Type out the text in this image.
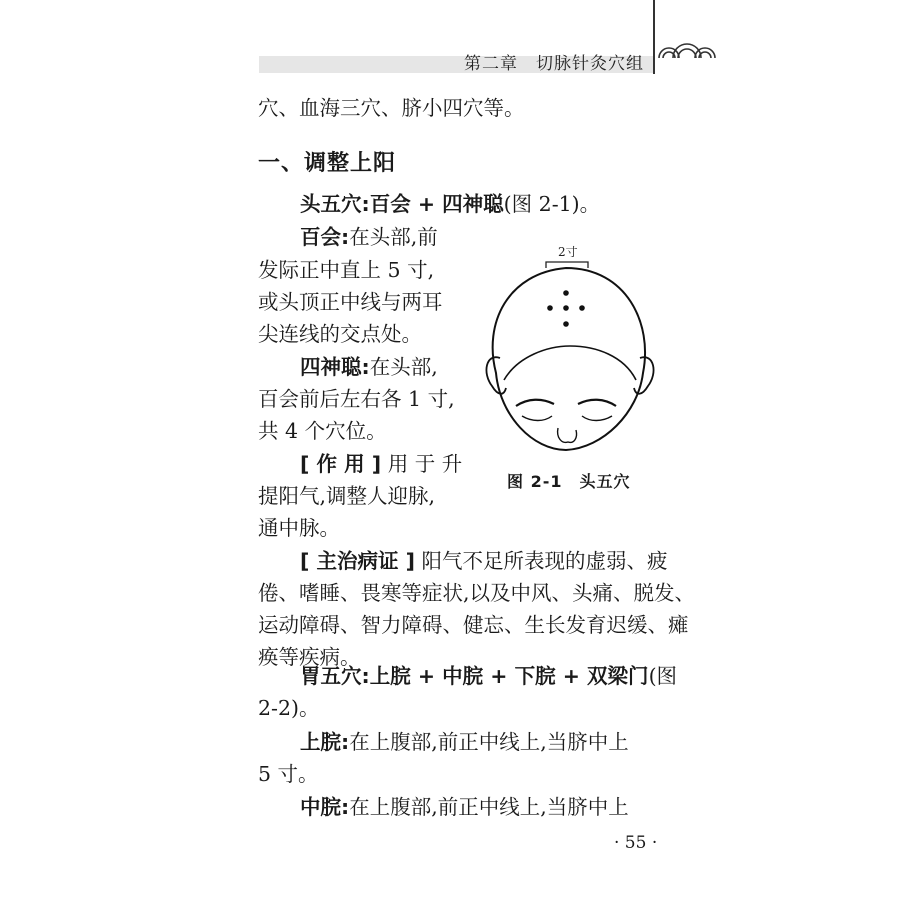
第二章　切脉针灸穴组
穴、血海三穴、脐小四穴等。
一、调整上阳
头五穴:百会 + 四神聪(图 2-1)。
百会:在头部,前
发际正中直上 5 寸,
或头顶正中线与两耳
尖连线的交点处。
四神聪:在头部,
百会前后左右各 1 寸,
共 4 个穴位。
[ 作 用 ] 用 于 升
提阳气,调整人迎脉,
通中脉。
[ 主治病证 ] 阳气不足所表现的虚弱、疲
倦、嗜睡、畏寒等症状,以及中风、头痛、脱发、
运动障碍、智力障碍、健忘、生长发育迟缓、瘫
痪等疾病。
2寸
图 2-1　头五穴
胃五穴:上脘 + 中脘 + 下脘 + 双梁门(图
2-2)。
上脘:在上腹部,前正中线上,当脐中上
5 寸。
中脘:在上腹部,前正中线上,当脐中上
· 55 ·
